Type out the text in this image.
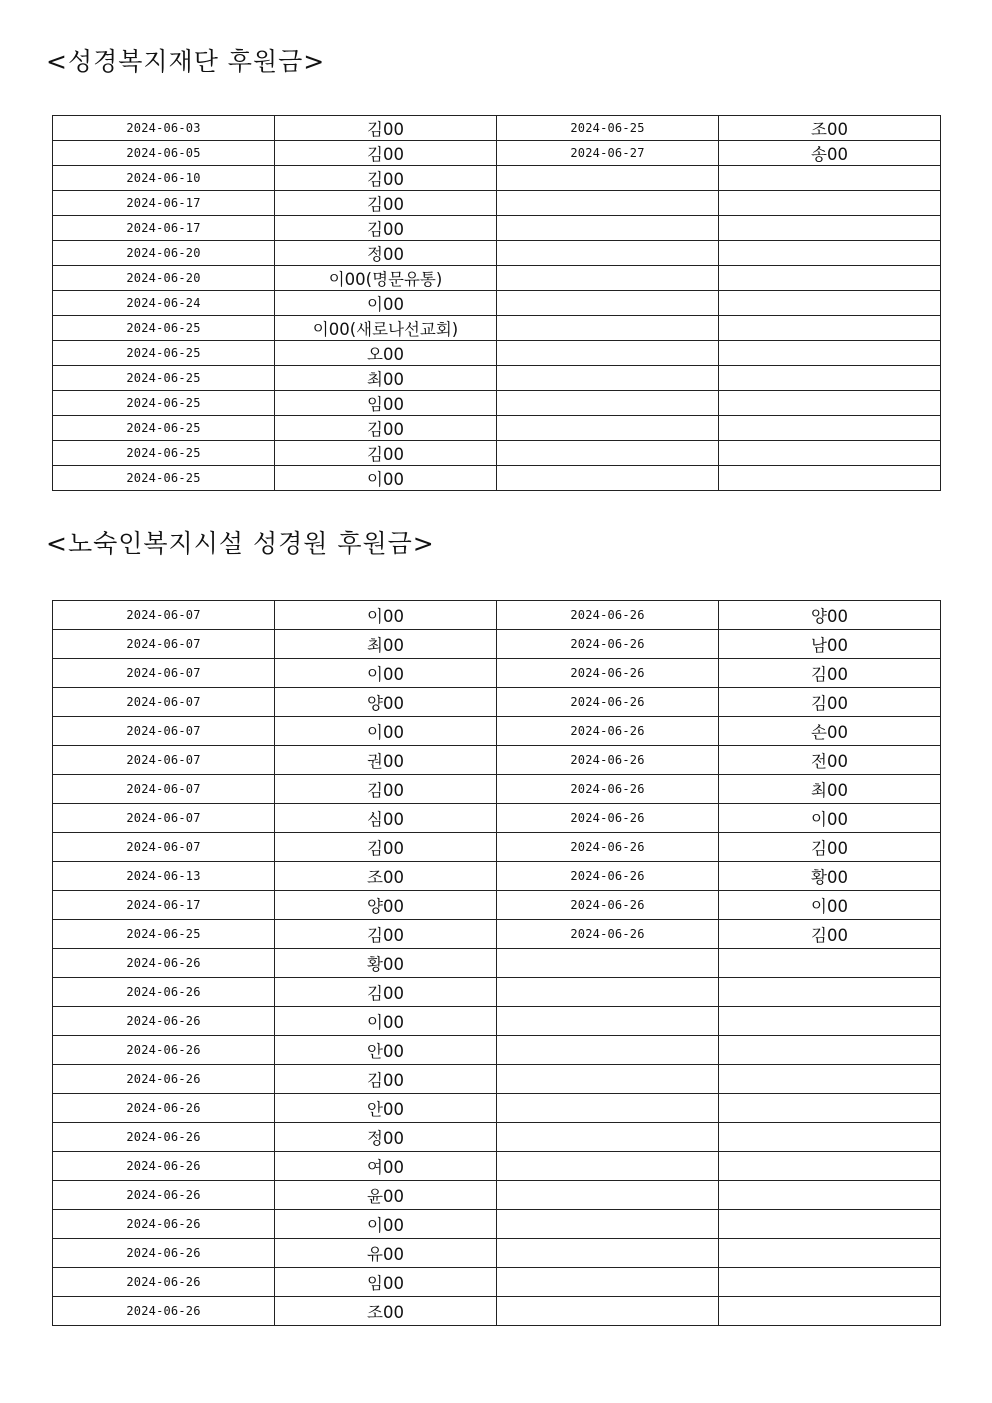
<성경복지재단 후원금>
2024-06-03	김00	2024-06-25	조00
2024-06-05	김00	2024-06-27	송00
2024-06-10	김00		
2024-06-17	김00		
2024-06-17	김00		
2024-06-20	정00		
2024-06-20	이00(명문유통)		
2024-06-24	이00		
2024-06-25	이00(새로나선교회)		
2024-06-25	오00		
2024-06-25	최00		
2024-06-25	임00		
2024-06-25	김00		
2024-06-25	김00		
2024-06-25	이00		
<노숙인복지시설 성경원 후원금>
2024-06-07	이00	2024-06-26	양00
2024-06-07	최00	2024-06-26	남00
2024-06-07	이00	2024-06-26	김00
2024-06-07	양00	2024-06-26	김00
2024-06-07	이00	2024-06-26	손00
2024-06-07	권00	2024-06-26	전00
2024-06-07	김00	2024-06-26	최00
2024-06-07	심00	2024-06-26	이00
2024-06-07	김00	2024-06-26	김00
2024-06-13	조00	2024-06-26	황00
2024-06-17	양00	2024-06-26	이00
2024-06-25	김00	2024-06-26	김00
2024-06-26	황00		
2024-06-26	김00		
2024-06-26	이00		
2024-06-26	안00		
2024-06-26	김00		
2024-06-26	안00		
2024-06-26	정00		
2024-06-26	여00		
2024-06-26	윤00		
2024-06-26	이00		
2024-06-26	유00		
2024-06-26	임00		
2024-06-26	조00		
